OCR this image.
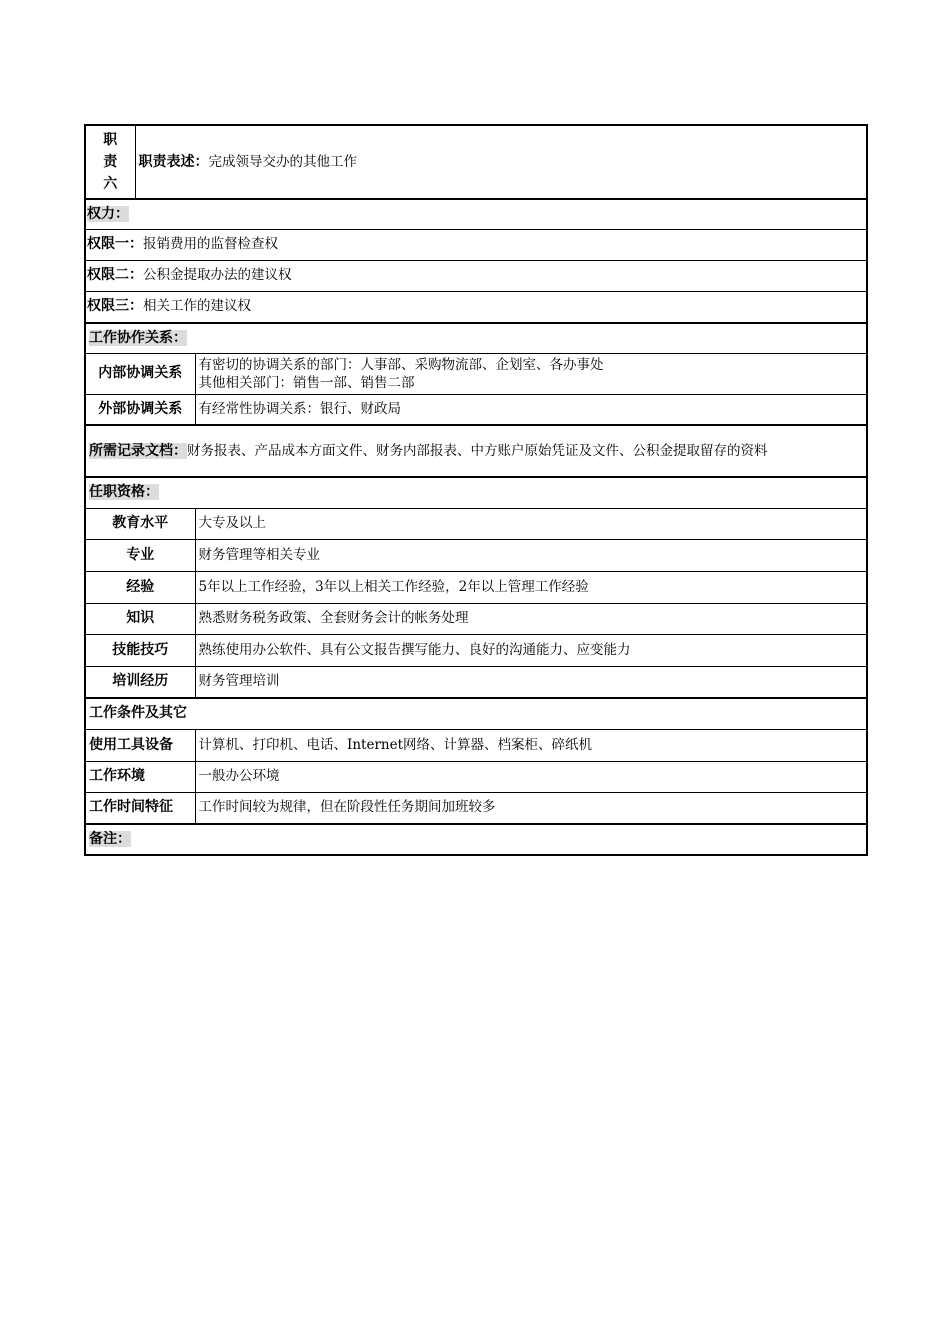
职
责
六	职责表述：完成领导交办的其他工作	
权力：		
权限一：报销费用的监督检查权		
权限二：公积金提取办法的建议权		
权限三：相关工作的建议权		
工作协作关系：		
内部协调关系		有密切的协调关系的部门：人事部、采购物流部、企划室、各办事处
其他相关部门：销售一部、销售二部

外部协调关系		有经常性协调关系：银行、财政局
所需记录文档：财务报表、产品成本方面文件、财务内部报表、中方账户原始凭证及文件、公积金提取留存的资料		
任职资格：		
教育水平		大专及以上
专业		财务管理等相关专业
经验		5年以上工作经验，3年以上相关工作经验，2年以上管理工作经验
知识		熟悉财务税务政策、全套财务会计的帐务处理
技能技巧		熟练使用办公软件、具有公文报告撰写能力、良好的沟通能力、应变能力
培训经历		财务管理培训
工作条件及其它		
使用工具设备		计算机、打印机、电话、Internet网络、计算器、档案柜、碎纸机
工作环境		一般办公环境
工作时间特征		工作时间较为规律，但在阶段性任务期间加班较多
备注：		
